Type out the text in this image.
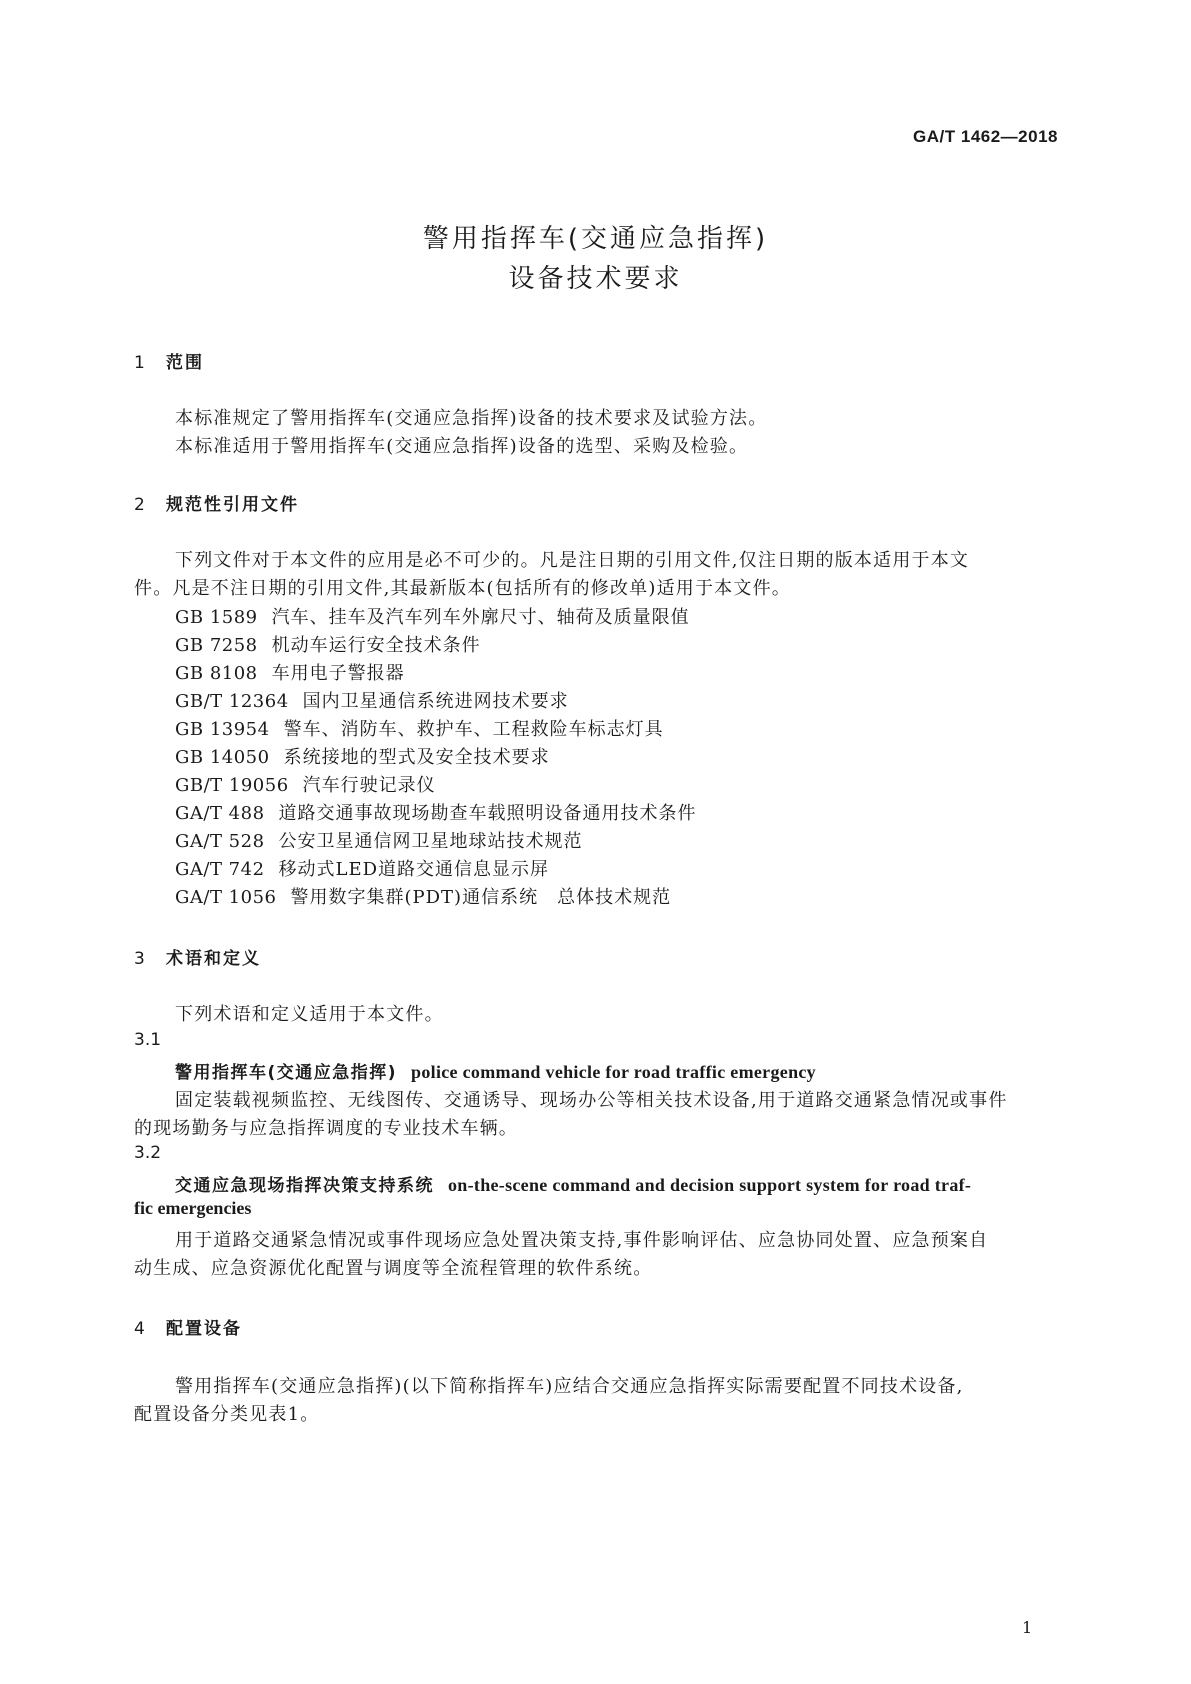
GA/T 1462—2018
警用指挥车(交通应急指挥)
设备技术要求
1 范围
本标准规定了警用指挥车(交通应急指挥)设备的技术要求及试验方法。
本标准适用于警用指挥车(交通应急指挥)设备的选型、采购及检验。
2 规范性引用文件
下列文件对于本文件的应用是必不可少的。凡是注日期的引用文件,仅注日期的版本适用于本文
件。凡是不注日期的引用文件,其最新版本(包括所有的修改单)适用于本文件。
GB 1589 汽车、挂车及汽车列车外廓尺寸、轴荷及质量限值
GB 7258 机动车运行安全技术条件
GB 8108 车用电子警报器
GB/T 12364 国内卫星通信系统进网技术要求
GB 13954 警车、消防车、救护车、工程救险车标志灯具
GB 14050 系统接地的型式及安全技术要求
GB/T 19056 汽车行驶记录仪
GA/T 488 道路交通事故现场勘查车载照明设备通用技术条件
GA/T 528 公安卫星通信网卫星地球站技术规范
GA/T 742 移动式LED道路交通信息显示屏
GA/T 1056 警用数字集群(PDT)通信系统　总体技术规范
3 术语和定义
下列术语和定义适用于本文件。
3.1
警用指挥车(交通应急指挥) police command vehicle for road traffic emergency
固定装载视频监控、无线图传、交通诱导、现场办公等相关技术设备,用于道路交通紧急情况或事件
的现场勤务与应急指挥调度的专业技术车辆。
3.2
交通应急现场指挥决策支持系统 on-the-scene command and decision support system for road traf-
fic emergencies
用于道路交通紧急情况或事件现场应急处置决策支持,事件影响评估、应急协同处置、应急预案自
动生成、应急资源优化配置与调度等全流程管理的软件系统。
4 配置设备
警用指挥车(交通应急指挥)(以下简称指挥车)应结合交通应急指挥实际需要配置不同技术设备,
配置设备分类见表1。
1
